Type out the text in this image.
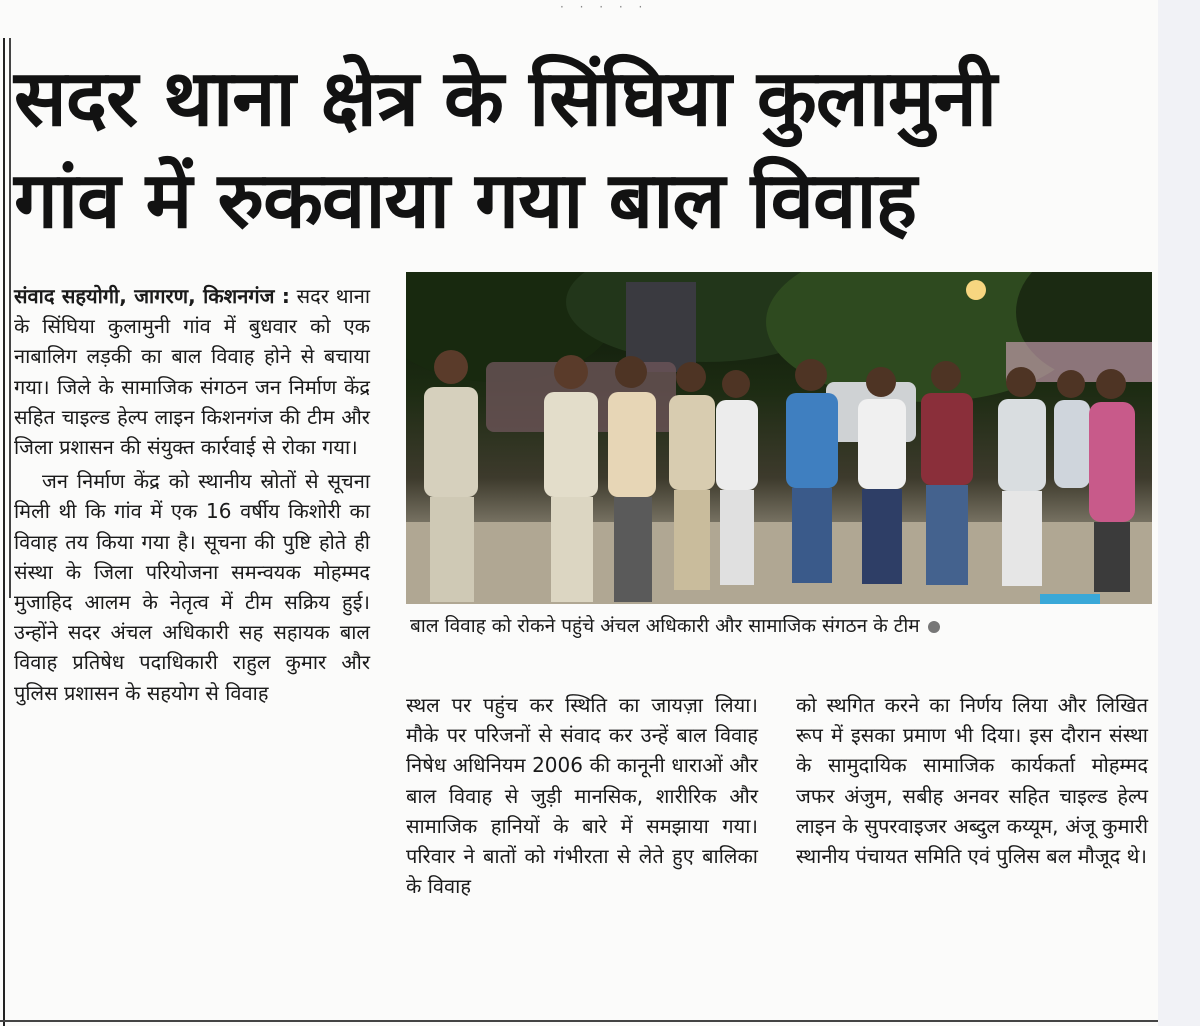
· · · · ·
सदर थाना क्षेत्र के सिंघिया कुलामुनी
गांव में रुकवाया गया बाल विवाह

संवाद सहयोगी, जागरण, किशनगंज : सदर थाना के सिंघिया कुलामुनी गांव में बुधवार को एक नाबालिग लड़की का बाल विवाह होने से बचाया गया। जिले के सामाजिक संगठन जन निर्माण केंद्र सहित चाइल्ड हेल्प लाइन किशनगंज की टीम और जिला प्रशासन की संयुक्त कार्रवाई से रोका गया।

जन निर्माण केंद्र को स्थानीय स्रोतों से सूचना मिली थी कि गांव में एक 16 वर्षीय किशोरी का विवाह तय किया गया है। सूचना की पुष्टि होते ही संस्था के जिला परियोजना समन्वयक मोहम्मद मुजाहिद आलम के नेतृत्व में टीम सक्रिय हुई। उन्होंने सदर अंचल अधिकारी सह सहायक बाल विवाह प्रतिषेध पदाधिकारी राहुल कुमार और पुलिस प्रशासन के सहयोग से विवाह

बाल विवाह को रोकने पहुंचे अंचल अधिकारी और सामाजिक संगठन के टीम

स्थल पर पहुंच कर स्थिति का जायज़ा लिया। मौके पर परिजनों से संवाद कर उन्हें बाल विवाह निषेध अधिनियम 2006 की कानूनी धाराओं और बाल विवाह से जुड़ी मानसिक, शारीरिक और सामाजिक हानियों के बारे में समझाया गया। परिवार ने बातों को गंभीरता से लेते हुए बालिका के विवाह

को स्थगित करने का निर्णय लिया और लिखित रूप में इसका प्रमाण भी दिया। इस दौरान संस्था के सामुदायिक सामाजिक कार्यकर्ता मोहम्मद जफर अंजुम, सबीह अनवर सहित चाइल्ड हेल्प लाइन के सुपरवाइजर अब्दुल कय्यूम, अंजू कुमारी स्थानीय पंचायत समिति एवं पुलिस बल मौजूद थे।
